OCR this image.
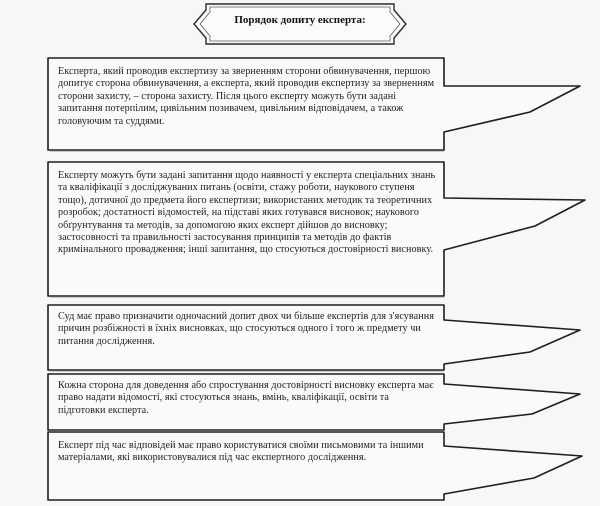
Порядок допиту експерта:

Експерта, який проводив експертизу за зверненням сторони обвинувачення, першою допитує сторона обвинувачення, а експерта, який проводив експертизу за зверненням сторони захисту, – сторона захисту. Після цього експерту можуть бути задані запитання потерпілим, цивільним позивачем, цивільним відповідачем, а також головуючим та суддями.

Експерту можуть бути задані запитання щодо наявності у експерта спеціальних знань та кваліфікації з досліджуваних питань (освіти, стажу роботи, наукового ступеня тощо), дотичної до предмета його експертизи; використаних методик та теоретичних розробок; достатності відомостей, на підставі яких готувався висновок; наукового обґрунтування та методів, за допомогою яких експерт дійшов до висновку; застосовності та правильності застосування принципів та методів до фактів кримінального провадження; інші запитання, що стосуються достовірності висновку.

Суд має право призначити одночасний допит двох чи більше експертів для з'ясування причин розбіжності в їхніх висновках, що стосуються одного і того ж предмету чи питання дослідження.

Кожна сторона для доведення або спростування достовірності висновку експерта має право надати відомості, які стосуються знань, вмінь, кваліфікації, освіти та підготовки експерта.

Експерт під час відповідей має право користуватися своїми письмовими та іншими матеріалами, які використовувалися під час експертного дослідження.
